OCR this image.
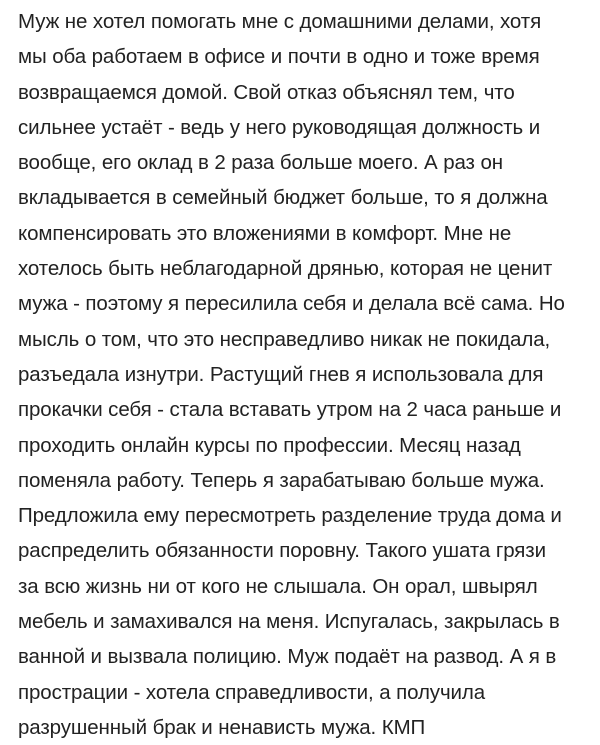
Муж не хотел помогать мне с домашними делами, хотя
мы оба работаем в офисе и почти в одно и тоже время
возвращаемся домой. Свой отказ объяснял тем, что
сильнее устаёт - ведь у него руководящая должность и
вообще, его оклад в 2 раза больше моего. А раз он
вкладывается в семейный бюджет больше, то я должна
компенсировать это вложениями в комфорт. Мне не
хотелось быть неблагодарной дрянью, которая не ценит
мужа - поэтому я пересилила себя и делала всё сама. Но
мысль о том, что это несправедливо никак не покидала,
разъедала изнутри. Растущий гнев я использовала для
прокачки себя - стала вставать утром на 2 часа раньше и
проходить онлайн курсы по профессии. Месяц назад
поменяла работу. Теперь я зарабатываю больше мужа.
Предложила ему пересмотреть разделение труда дома и
распределить обязанности поровну. Такого ушата грязи
за всю жизнь ни от кого не слышала. Он орал, швырял
мебель и замахивался на меня. Испугалась, закрылась в
ванной и вызвала полицию. Муж подаёт на развод. А я в
прострации - хотела справедливости, а получила
разрушенный брак и ненависть мужа. КМП
